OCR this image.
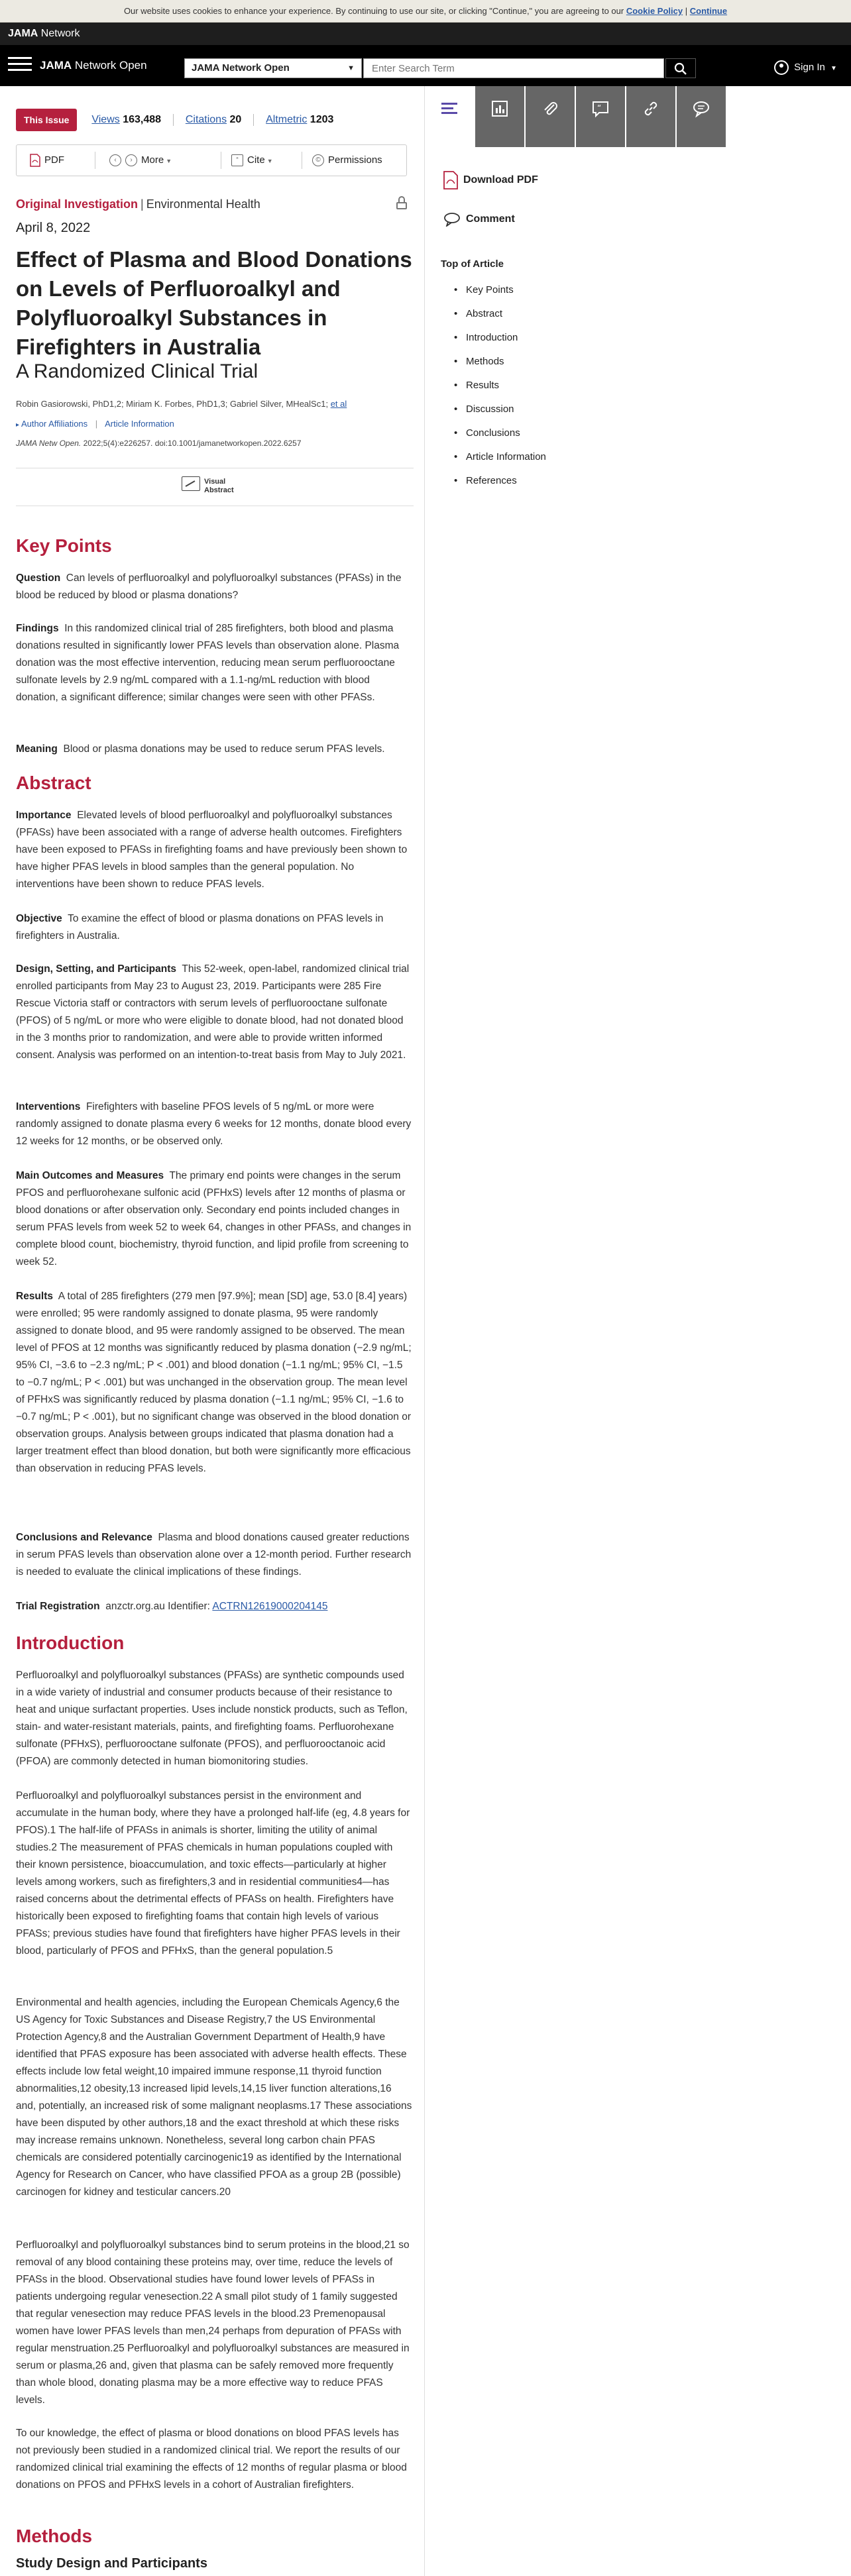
Our website uses cookies to enhance your experience. By continuing to use our site, or clicking "Continue," you are agreeing to our Cookie Policy | Continue
JAMA Network
JAMA Network Open	JAMA Network Open	▼
Enter Search Term	Sign In ▼
This Issue Views 163,488 Citations 20 Altmetric 1203
PDF	‹ › More ▼	“ Cite ▼	© Permissions
Original Investigation | Environmental Health
April 8, 2022
Effect of Plasma and Blood Donations on Levels of Perfluoroalkyl and Polyfluoroalkyl Substances in Firefighters in Australia
A Randomized Clinical Trial
Robin Gasiorowski, PhD1,2; Miriam K. Forbes, PhD1,3; Gabriel Silver, MHealSc1; et al
▸ Author Affiliations | Article Information
JAMA Netw Open. 2022;5(4):e226257. doi:10.1001/jamanetworkopen.2022.6257
Visual Abstract
Key Points

Question Can levels of perfluoroalkyl and polyfluoroalkyl substances (PFASs) in the blood be reduced by blood or plasma donations?

Findings In this randomized clinical trial of 285 firefighters, both blood and plasma donations resulted in significantly lower PFAS levels than observation alone. Plasma donation was the most effective intervention, reducing mean serum perfluorooctane sulfonate levels by 2.9 ng/mL compared with a 1.1-ng/mL reduction with blood donation, a significant difference; similar changes were seen with other PFASs.

Meaning Blood or plasma donations may be used to reduce serum PFAS levels.

Abstract

Importance Elevated levels of blood perfluoroalkyl and polyfluoroalkyl substances (PFASs) have been associated with a range of adverse health outcomes. Firefighters have been exposed to PFASs in firefighting foams and have previously been shown to have higher PFAS levels in blood samples than the general population. No interventions have been shown to reduce PFAS levels.

Objective To examine the effect of blood or plasma donations on PFAS levels in firefighters in Australia.

Design, Setting, and Participants This 52-week, open-label, randomized clinical trial enrolled participants from May 23 to August 23, 2019. Participants were 285 Fire Rescue Victoria staff or contractors with serum levels of perfluorooctane sulfonate (PFOS) of 5 ng/mL or more who were eligible to donate blood, had not donated blood in the 3 months prior to randomization, and were able to provide written informed consent. Analysis was performed on an intention-to-treat basis from May to July 2021.

Interventions Firefighters with baseline PFOS levels of 5 ng/mL or more were randomly assigned to donate plasma every 6 weeks for 12 months, donate blood every 12 weeks for 12 months, or be observed only.

Main Outcomes and Measures The primary end points were changes in the serum PFOS and perfluorohexane sulfonic acid (PFHxS) levels after 12 months of plasma or blood donations or after observation only. Secondary end points included changes in serum PFAS levels from week 52 to week 64, changes in other PFASs, and changes in complete blood count, biochemistry, thyroid function, and lipid profile from screening to week 52.

Results A total of 285 firefighters (279 men [97.9%]; mean [SD] age, 53.0 [8.4] years) were enrolled; 95 were randomly assigned to donate plasma, 95 were randomly assigned to donate blood, and 95 were randomly assigned to be observed. The mean level of PFOS at 12 months was significantly reduced by plasma donation (−2.9 ng/mL; 95% CI, −3.6 to −2.3 ng/mL; P < .001) and blood donation (−1.1 ng/mL; 95% CI, −1.5 to −0.7 ng/mL; P < .001) but was unchanged in the observation group. The mean level of PFHxS was significantly reduced by plasma donation (−1.1 ng/mL; 95% CI, −1.6 to −0.7 ng/mL; P < .001), but no significant change was observed in the blood donation or observation groups. Analysis between groups indicated that plasma donation had a larger treatment effect than blood donation, but both were significantly more efficacious than observation in reducing PFAS levels.

Conclusions and Relevance Plasma and blood donations caused greater reductions in serum PFAS levels than observation alone over a 12-month period. Further research is needed to evaluate the clinical implications of these findings.

Trial Registration anzctr.org.au Identifier: ACTRN12619000204145

Introduction

Perfluoroalkyl and polyfluoroalkyl substances (PFASs) are synthetic compounds used in a wide variety of industrial and consumer products because of their resistance to heat and unique surfactant properties. Uses include nonstick products, such as Teflon, stain- and water-resistant materials, paints, and firefighting foams. Perfluorohexane sulfonate (PFHxS), perfluorooctane sulfonate (PFOS), and perfluorooctanoic acid (PFOA) are commonly detected in human biomonitoring studies.

Perfluoroalkyl and polyfluoroalkyl substances persist in the environment and accumulate in the human body, where they have a prolonged half-life (eg, 4.8 years for PFOS).1 The half-life of PFASs in animals is shorter, limiting the utility of animal studies.2 The measurement of PFAS chemicals in human populations coupled with their known persistence, bioaccumulation, and toxic effects—particularly at higher levels among workers, such as firefighters,3 and in residential communities4—has raised concerns about the detrimental effects of PFASs on health. Firefighters have historically been exposed to firefighting foams that contain high levels of various PFASs; previous studies have found that firefighters have higher PFAS levels in their blood, particularly of PFOS and PFHxS, than the general population.5

Environmental and health agencies, including the European Chemicals Agency,6 the US Agency for Toxic Substances and Disease Registry,7 the US Environmental Protection Agency,8 and the Australian Government Department of Health,9 have identified that PFAS exposure has been associated with adverse health effects. These effects include low fetal weight,10 impaired immune response,11 thyroid function abnormalities,12 obesity,13 increased lipid levels,14,15 liver function alterations,16 and, potentially, an increased risk of some malignant neoplasms.17 These associations have been disputed by other authors,18 and the exact threshold at which these risks may increase remains unknown. Nonetheless, several long carbon chain PFAS chemicals are considered potentially carcinogenic19 as identified by the International Agency for Research on Cancer, who have classified PFOA as a group 2B (possible) carcinogen for kidney and testicular cancers.20

Perfluoroalkyl and polyfluoroalkyl substances bind to serum proteins in the blood,21 so removal of any blood containing these proteins may, over time, reduce the levels of PFASs in the blood. Observational studies have found lower levels of PFASs in patients undergoing regular venesection.22 A small pilot study of 1 family suggested that regular venesection may reduce PFAS levels in the blood.23 Premenopausal women have lower PFAS levels than men,24 perhaps from depuration of PFASs with regular menstruation.25 Perfluoroalkyl and polyfluoroalkyl substances are measured in serum or plasma,26 and, given that plasma can be safely removed more frequently than whole blood, donating plasma may be a more effective way to reduce PFAS levels.

To our knowledge, the effect of plasma or blood donations on blood PFAS levels has not previously been studied in a randomized clinical trial. We report the results of our randomized clinical trial examining the effects of 12 months of regular plasma or blood donations on PFOS and PFHxS levels in a cohort of Australian firefighters.

Methods
Study Design and Participants
“
Download PDF
Comment
Top of Article
• Key Points
• Abstract
• Introduction
• Methods
• Results
• Discussion
• Conclusions
• Article Information
• References
